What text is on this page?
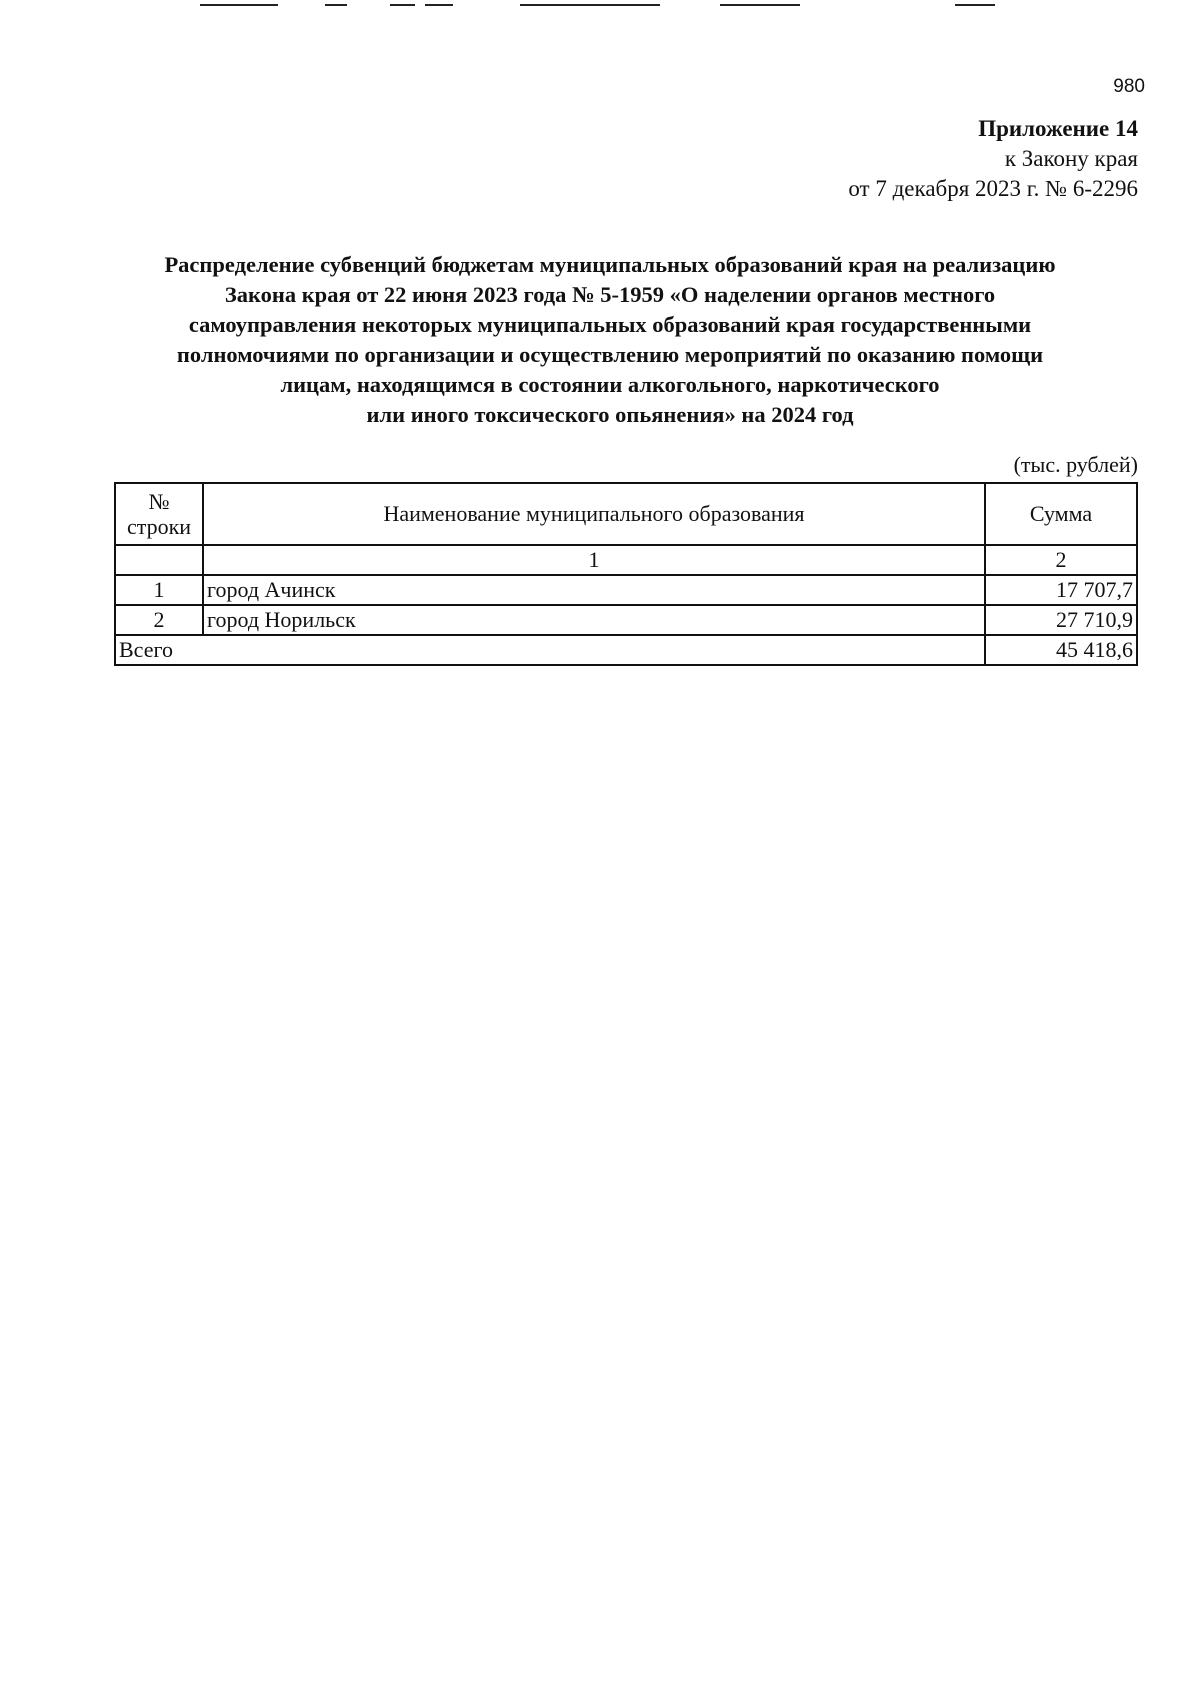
980
Приложение 14
к Закону края
от 7 декабря 2023 г. № 6-2296
Распределение субвенций бюджетам муниципальных образований края на реализацию
Закона края от 22 июня 2023 года № 5-1959 «О наделении органов местного
самоуправления некоторых муниципальных образований края государственными
полномочиями по организации и осуществлению мероприятий по оказанию помощи
лицам, находящимся в состоянии алкогольного, наркотического
или иного токсического опьянения» на 2024 год
(тыс. рублей)
№
строки	Наименование муниципального образования	Сумма
	1	2
1	город Ачинск	17 707,7
2	город Норильск	27 710,9
Всего		45 418,6
